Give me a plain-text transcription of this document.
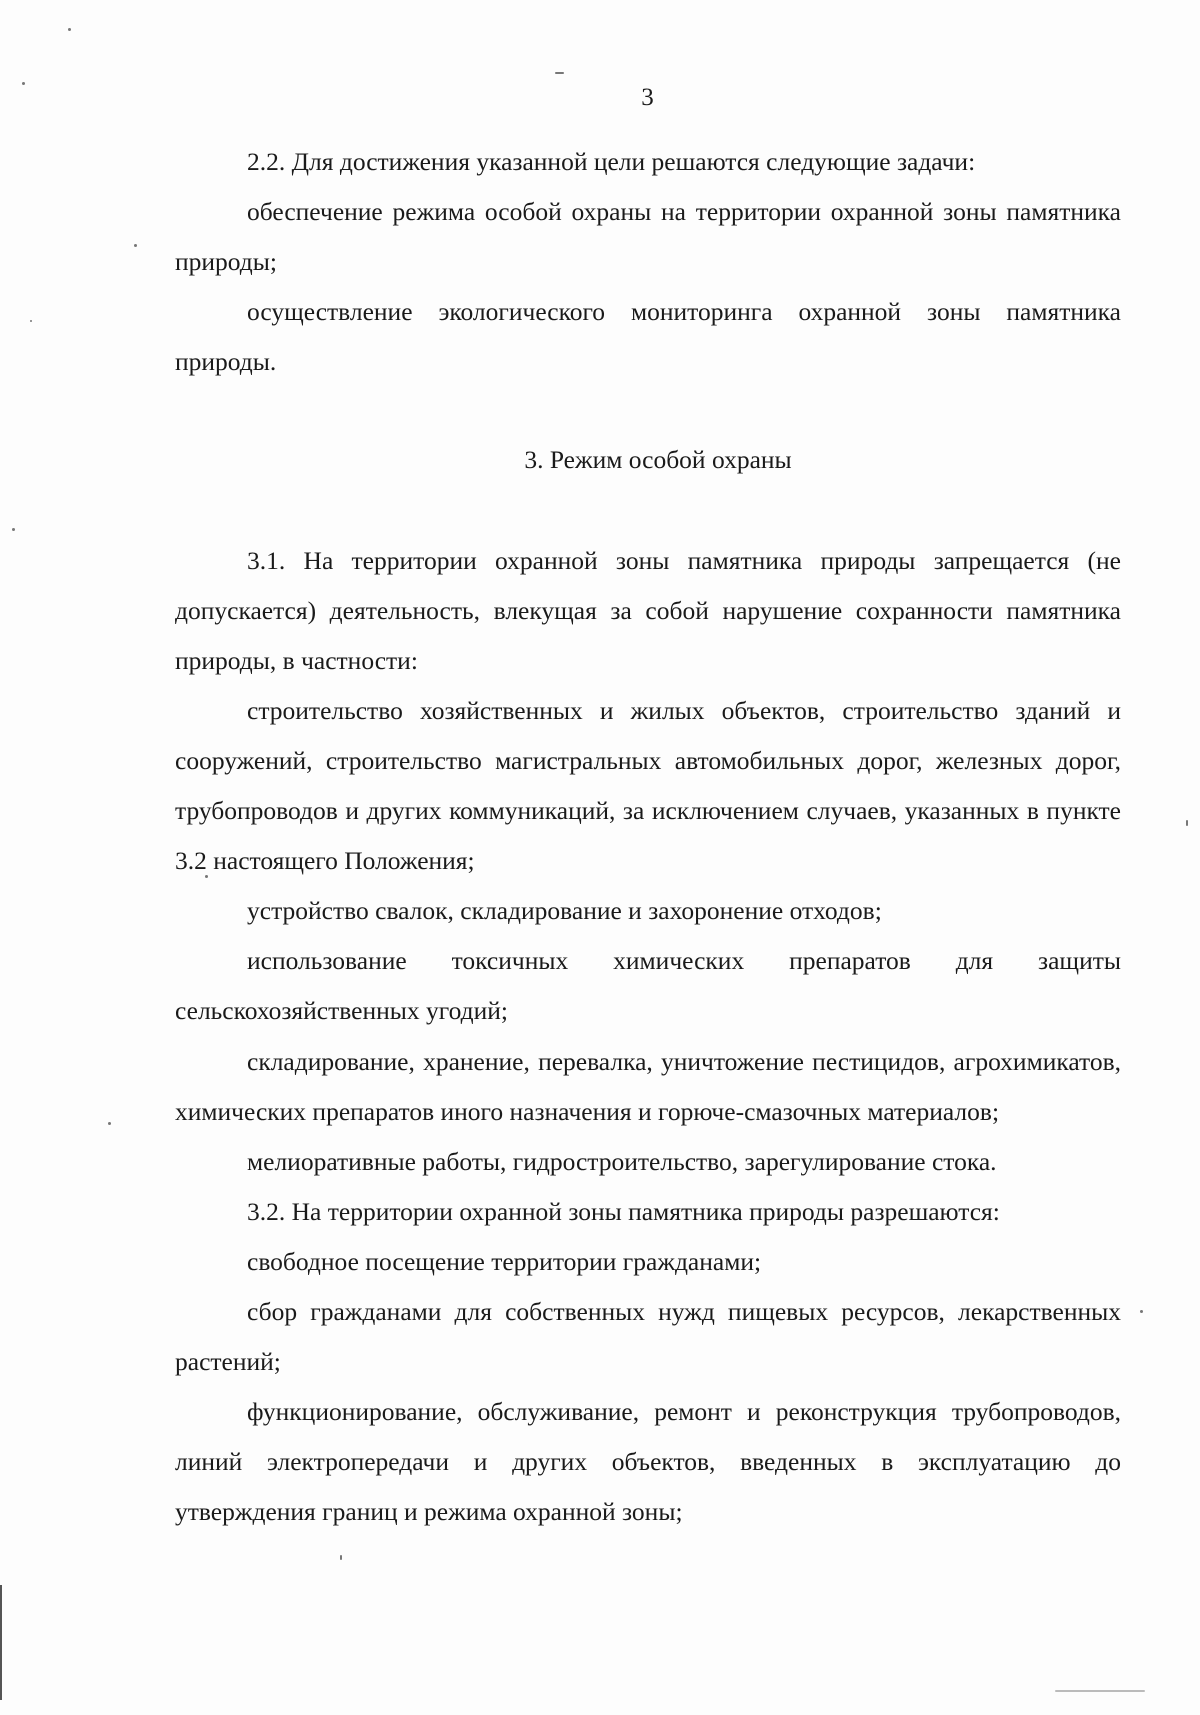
3

2.2. Для достижения указанной цели решаются следующие задачи:

обеспечение режима особой охраны на территории охранной зоны памятника природы;

осуществление экологического мониторинга охранной зоны памятника природы.

3. Режим особой охраны

3.1. На территории охранной зоны памятника природы запрещается (не допускается) деятельность, влекущая за собой нарушение сохранности памятника природы, в частности:

строительство хозяйственных и жилых объектов, строительство зданий и сооружений, строительство магистральных автомобильных дорог, железных дорог, трубопроводов и других коммуникаций, за исключением случаев, указанных в пункте 3.2 настоящего Положения;

устройство свалок, складирование и захоронение отходов;

использование токсичных химических препаратов для защиты сельскохозяйственных угодий;

складирование, хранение, перевалка, уничтожение пестицидов, агрохимикатов, химических препаратов иного назначения и горюче-смазочных материалов;

мелиоративные работы, гидростроительство, зарегулирование стока.

3.2. На территории охранной зоны памятника природы разрешаются:

свободное посещение территории гражданами;

сбор гражданами для собственных нужд пищевых ресурсов, лекарственных растений;

функционирование, обслуживание, ремонт и реконструкция трубопроводов, линий электропередачи и других объектов, введенных в эксплуатацию до утверждения границ и режима охранной зоны;
